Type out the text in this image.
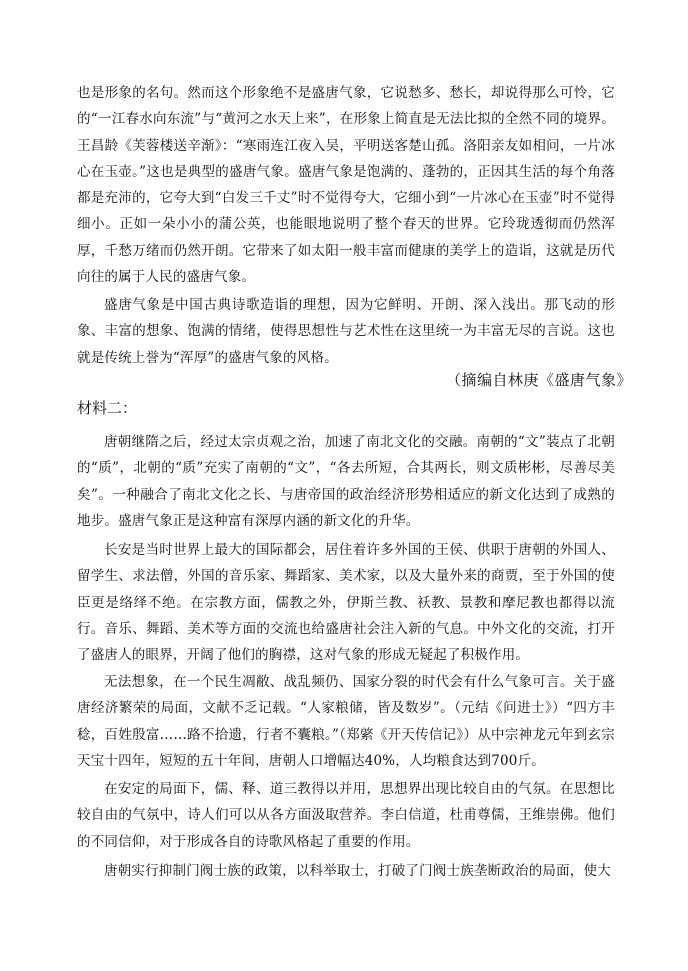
也是形象的名句。然而这个形象绝不是盛唐气象，它说愁多、愁长，却说得那么可怜，它的“一江春水向东流”与“黄河之水天上来”，在形象上简直是无法比拟的全然不同的境界。王昌龄《芙蓉楼送辛渐》：“寒雨连江夜入吴，平明送客楚山孤。洛阳亲友如相问，一片冰心在玉壶。”这也是典型的盛唐气象。盛唐气象是饱满的、蓬勃的，正因其生活的每个角落都是充沛的，它夸大到“白发三千丈”时不觉得夸大，它细小到“一片冰心在玉壶”时不觉得细小。正如一朵小小的蒲公英，也能眼地说明了整个春天的世界。它玲珑透彻而仍然浑厚，千愁万绪而仍然开朗。它带来了如太阳一般丰富而健康的美学上的造诣，这就是历代向往的属于人民的盛唐气象。
盛唐气象是中国古典诗歌造诣的理想，因为它鲜明、开朗、深入浅出。那飞动的形象、丰富的想象、饱满的情绪，使得思想性与艺术性在这里统一为丰富无尽的言说。这也就是传统上誉为“浑厚”的盛唐气象的风格。
（摘编自林庚《盛唐气象》
材料二：
唐朝继隋之后，经过太宗贞观之治，加速了南北文化的交融。南朝的“文”装点了北朝的“质”，北朝的“质”充实了南朝的“文”，“各去所短，合其两长，则文质彬彬，尽善尽美矣”。一种融合了南北文化之长、与唐帝国的政治经济形势相适应的新文化达到了成熟的地步。盛唐气象正是这种富有深厚内涵的新文化的升华。
长安是当时世界上最大的国际都会，居住着许多外国的王侯、供职于唐朝的外国人、留学生、求法僧，外国的音乐家、舞蹈家、美术家，以及大量外来的商贾，至于外国的使臣更是络绎不绝。在宗教方面，儒教之外，伊斯兰教、袄教、景教和摩尼教也都得以流行。音乐、舞蹈、美术等方面的交流也给盛唐社会注入新的气息。中外文化的交流，打开了盛唐人的眼界，开阔了他们的胸襟，这对气象的形成无疑起了积极作用。
无法想象，在一个民生凋敝、战乱频仍、国家分裂的时代会有什么气象可言。关于盛唐经济繁荣的局面，文献不乏记载。“人家粮储，皆及数岁”。（元结《问进士》）“四方丰稔，百姓殷富……路不拾遗，行者不囊粮。”（郑綮《开天传信记》）从中宗神龙元年到玄宗天宝十四年，短短的五十年间，唐朝人口增幅达40%，人均粮食达到700斤。
在安定的局面下，儒、释、道三教得以并用，思想界出现比较自由的气氛。在思想比较自由的气氛中，诗人们可以从各方面汲取营养。李白信道，杜甫尊儒，王维崇佛。他们的不同信仰，对于形成各自的诗歌风格起了重要的作用。
唐朝实行抑制门阀士族的政策，以科举取士，打破了门阀士族垄断政治的局面，使大
